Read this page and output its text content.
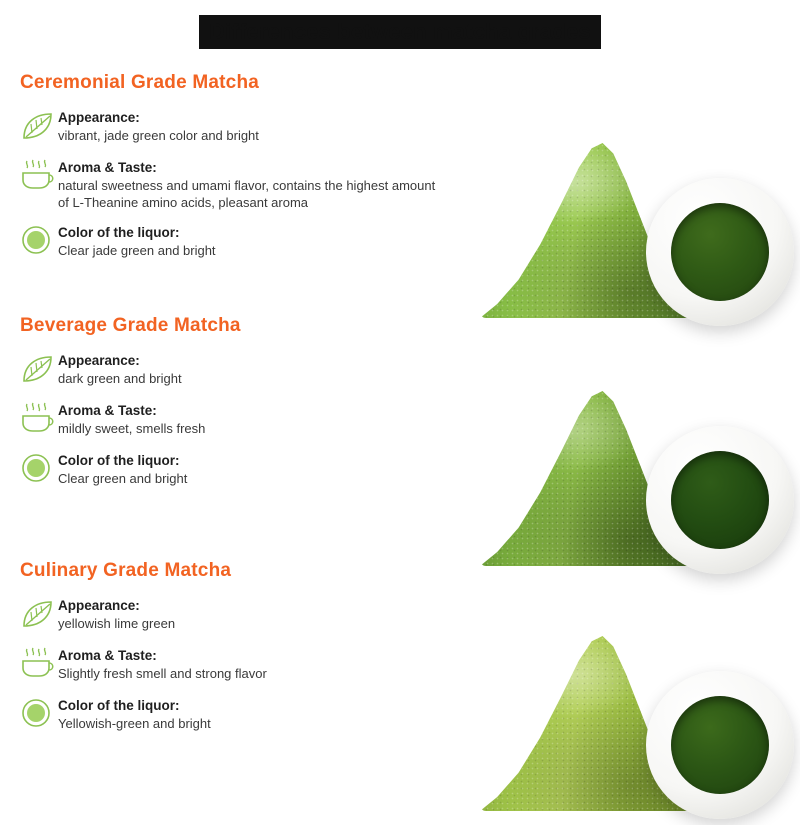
Differences between matcha grades
Ceremonial Grade Matcha
Appearance:
vibrant, jade green color and bright
Aroma & Taste:
natural sweetness and umami flavor, contains the highest amount of L-Theanine amino acids, pleasant aroma
Color of the liquor:
Clear jade green and bright
Beverage Grade Matcha
Appearance:
dark green and bright
Aroma & Taste:
mildly sweet, smells fresh
Color of the liquor:
Clear green and bright
Culinary Grade Matcha
Appearance:
yellowish lime green
Aroma & Taste:
Slightly fresh smell and strong flavor
Color of the liquor:
Yellowish-green and bright
